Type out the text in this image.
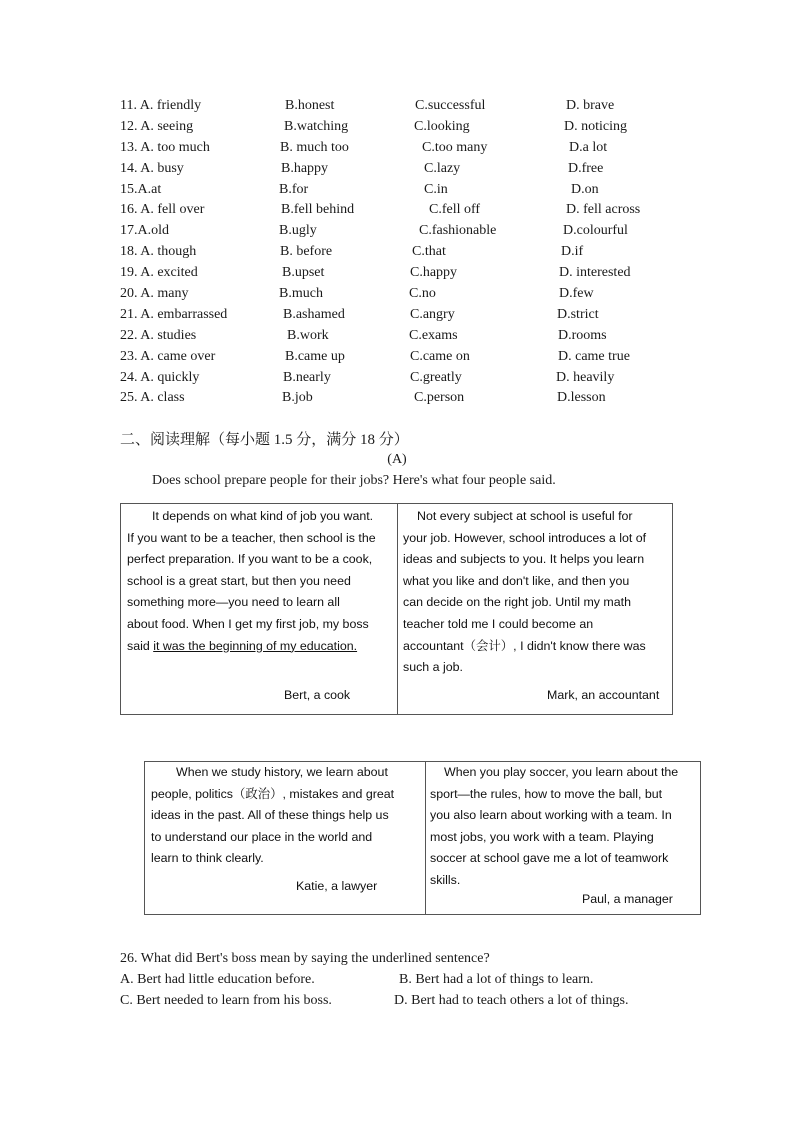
11. A. friendly	B.honest	C.successful	D. brave
12. A. seeing	B.watching	C.looking	D. noticing
13. A. too much	B. much too	C.too many	D.a lot
14. A. busy	B.happy	C.lazy	D.free
15.A.at	B.for	C.in	D.on
16. A. fell over	B.fell behind	C.fell off	D. fell across
17.A.old	B.ugly	C.fashionable	D.colourful
18. A. though	B. before	C.that	D.if
19. A. excited	B.upset	C.happy	D. interested
20. A. many	B.much	C.no	D.few
21. A. embarrassed	B.ashamed	C.angry	D.strict
22. A. studies	B.work	C.exams	D.rooms
23. A. came over	B.came up	C.came on	D. came true
24. A. quickly	B.nearly	C.greatly	D. heavily
25. A. class	B.job	C.person	D.lesson
二、阅读理解（每小题 1.5 分，满分 18 分）
(A)
Does school prepare people for their jobs? Here's what four people said.
It depends on what kind of job you want.
If you want to be a teacher, then school is the
perfect preparation. If you want to be a cook,
school is a great start, but then you need
something more—you need to learn all
about food. When I get my first job, my boss
said it was the beginning of my education.
Bert, a cook
Not every subject at school is useful for
your job. However, school introduces a lot of
ideas and subjects to you. It helps you learn
what you like and don't like, and then you
can decide on the right job. Until my math
teacher told me I could become an
accountant（会计）, I didn't know there was
such a job.
Mark, an accountant
When we study history, we learn about
people, politics（政治）, mistakes and great
ideas in the past. All of these things help us
to understand our place in the world and
learn to think clearly.
Katie, a lawyer
When you play soccer, you learn about the
sport—the rules, how to move the ball, but
you also learn about working with a team. In
most jobs, you work with a team. Playing
soccer at school gave me a lot of teamwork
skills.
Paul, a manager
26. What did Bert's boss mean by saying the underlined sentence?
A. Bert had little education before.	B. Bert had a lot of things to learn.
C. Bert needed to learn from his boss.	D. Bert had to teach others a lot of things.
